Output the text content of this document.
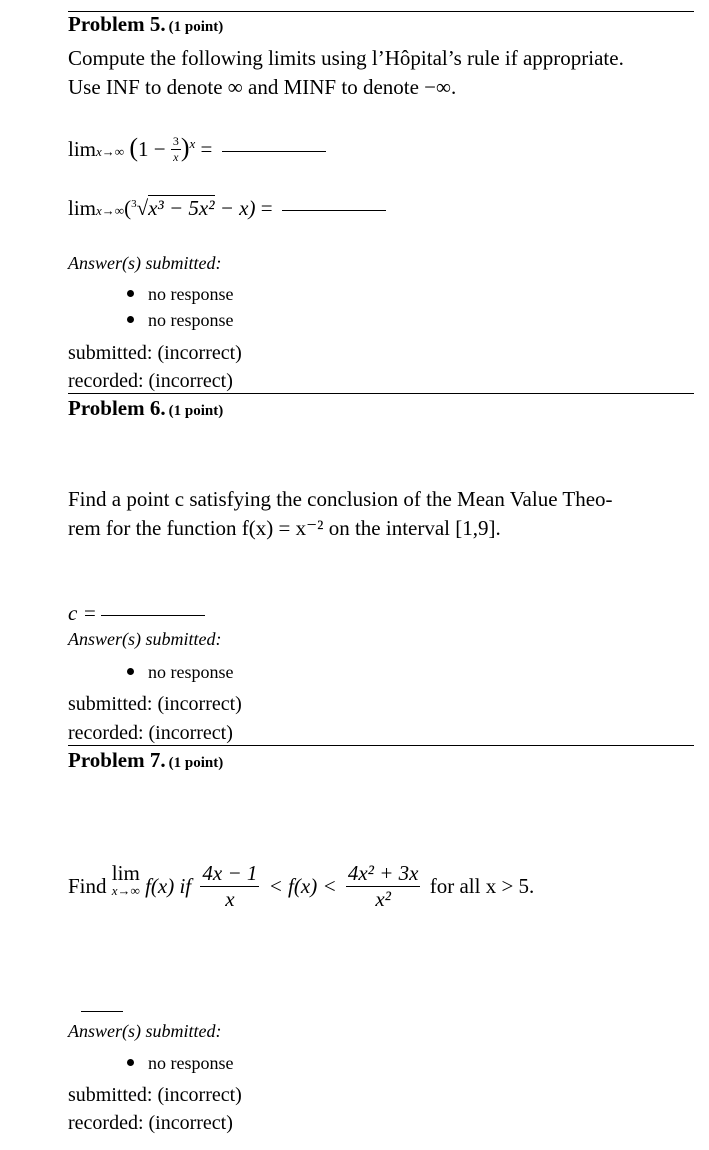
Problem 5. (1 point)
Compute the following limits using l’Hôpital’s rule if appropriate.
Use INF to denote ∞ and MINF to denote −∞.
limx→∞ $(1 - \frac{3}{x} )^x$ =
limx→∞($^3$√x³ − 5x² − x) =
Answer(s) submitted:
no response
no response
submitted: (incorrect)
recorded: (incorrect)
Problem 6. (1 point)
Find a point c satisfying the conclusion of the Mean Value Theo-
rem for the function f(x) = x⁻² on the interval [1,9].
c =
Answer(s) submitted:
no response
submitted: (incorrect)
recorded: (incorrect)
Problem 7. (1 point)
Find
lim
x→∞ f(x) if $\frac{4x - 1}{x} < f(x) < \frac{\text{4x² + 3x}}{\text{x²}}$ for all x > 5.
Answer(s) submitted:
no response
submitted: (incorrect)
recorded: (incorrect)
